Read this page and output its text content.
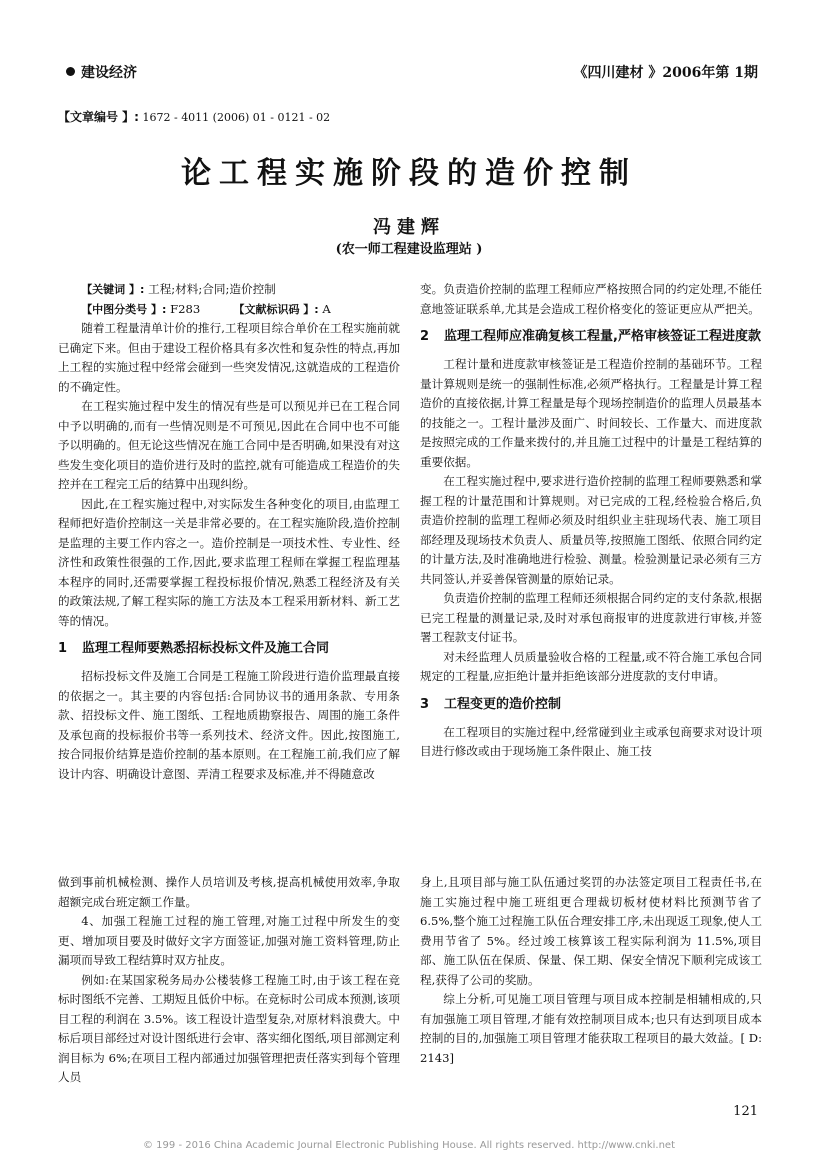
建设经济	《四川建材 》2006年第 1期
【文章编号 】: 1672 - 4011 (2006) 01 - 0121 - 02
论工程实施阶段的造价控制
冯建辉
(农一师工程建设监理站 )

【关键词 】: 工程;材料;合同;造价控制

【中图分类号 】: F283	【文献标识码 】: A

随着工程量清单计价的推行,工程项目综合单价在工程实施前就已确定下来。但由于建设工程价格具有多次性和复杂性的特点,再加上工程的实施过程中经常会碰到一些突发情况,这就造成的工程造价的不确定性。

在工程实施过程中发生的情况有些是可以预见并已在工程合同中予以明确的,而有一些情况则是不可预见,因此在合同中也不可能予以明确的。但无论这些情况在施工合同中是否明确,如果没有对这些发生变化项目的造价进行及时的监控,就有可能造成工程造价的失控并在工程完工后的结算中出现纠纷。

因此,在工程实施过程中,对实际发生各种变化的项目,由监理工程师把好造价控制这一关是非常必要的。在工程实施阶段,造价控制是监理的主要工作内容之一。造价控制是一项技术性、专业性、经济性和政策性很强的工作,因此,要求监理工程师在掌握工程监理基本程序的同时,还需要掌握工程投标报价情况,熟悉工程经济及有关的政策法规,了解工程实际的施工方法及本工程采用新材料、新工艺等的情况。

1 监理工程师要熟悉招标投标文件及施工合同

招标投标文件及施工合同是工程施工阶段进行造价监理最直接的依据之一。其主要的内容包括:合同协议书的通用条款、专用条款、招投标文件、施工图纸、工程地质勘察报告、周围的施工条件及承包商的投标报价书等一系列技术、经济文件。因此,按图施工,按合同报价结算是造价控制的基本原则。在工程施工前,我们应了解设计内容、明确设计意图、弄清工程要求及标准,并不得随意改

变。负责造价控制的监理工程师应严格按照合同的约定处理,不能任意地签证联系单,尤其是会造成工程价格变化的签证更应从严把关。

2 监理工程师应准确复核工程量,严格审核签证工程进度款

工程计量和进度款审核签证是工程造价控制的基础环节。工程量计算规则是统一的强制性标准,必须严格执行。工程量是计算工程造价的直接依据,计算工程量是每个现场控制造价的监理人员最基本的技能之一。工程计量涉及面广、时间较长、工作量大、而进度款是按照完成的工作量来拨付的,并且施工过程中的计量是工程结算的重要依据。

在工程实施过程中,要求进行造价控制的监理工程师要熟悉和掌握工程的计量范围和计算规则。对已完成的工程,经检验合格后,负责造价控制的监理工程师必须及时组织业主驻现场代表、施工项目部经理及现场技术负责人、质量员等,按照施工图纸、依照合同约定的计量方法,及时准确地进行检验、测量。检验测量记录必须有三方共同签认,并妥善保管测量的原始记录。

负责造价控制的监理工程师还须根据合同约定的支付条款,根据已完工程量的测量记录,及时对承包商报审的进度款进行审核,并签署工程款支付证书。

对未经监理人员质量验收合格的工程量,或不符合施工承包合同规定的工程量,应拒绝计量并拒绝该部分进度款的支付申请。

3 工程变更的造价控制

在工程项目的实施过程中,经常碰到业主或承包商要求对设计项目进行修改或由于现场施工条件限止、施工技

做到事前机械检测、操作人员培训及考核,提高机械使用效率,争取超额完成台班定额工作量。

4、加强工程施工过程的施工管理,对施工过程中所发生的变更、增加项目要及时做好文字方面签证,加强对施工资料管理,防止漏项而导致工程结算时双方扯皮。

例如:在某国家税务局办公楼装修工程施工时,由于该工程在竞标时图纸不完善、工期短且低价中标。在竞标时公司成本预测,该项目工程的利润在 3.5%。该工程设计造型复杂,对原材料浪费大。中标后项目部经过对设计图纸进行会审、落实细化图纸,项目部测定利润目标为 6%;在项目工程内部通过加强管理把责任落实到每个管理人员

身上,且项目部与施工队伍通过奖罚的办法签定项目工程责任书,在施工实施过程中施工班组更合理裁切板材使材料比预测节省了 6.5%,整个施工过程施工队伍合理安排工序,未出现返工现象,使人工费用节省了 5%。经过竣工核算该工程实际利润为 11.5%,项目部、施工队伍在保质、保量、保工期、保安全情况下顺利完成该工程,获得了公司的奖励。

综上分析,可见施工项目管理与项目成本控制是相辅相成的,只有加强施工项目管理,才能有效控制项目成本;也只有达到项目成本控制的目的,加强施工项目管理才能获取工程项目的最大效益。[ D: 2143]

121
© 199 - 2016 China Academic Journal Electronic Publishing House. All rights reserved. http://www.cnki.net
